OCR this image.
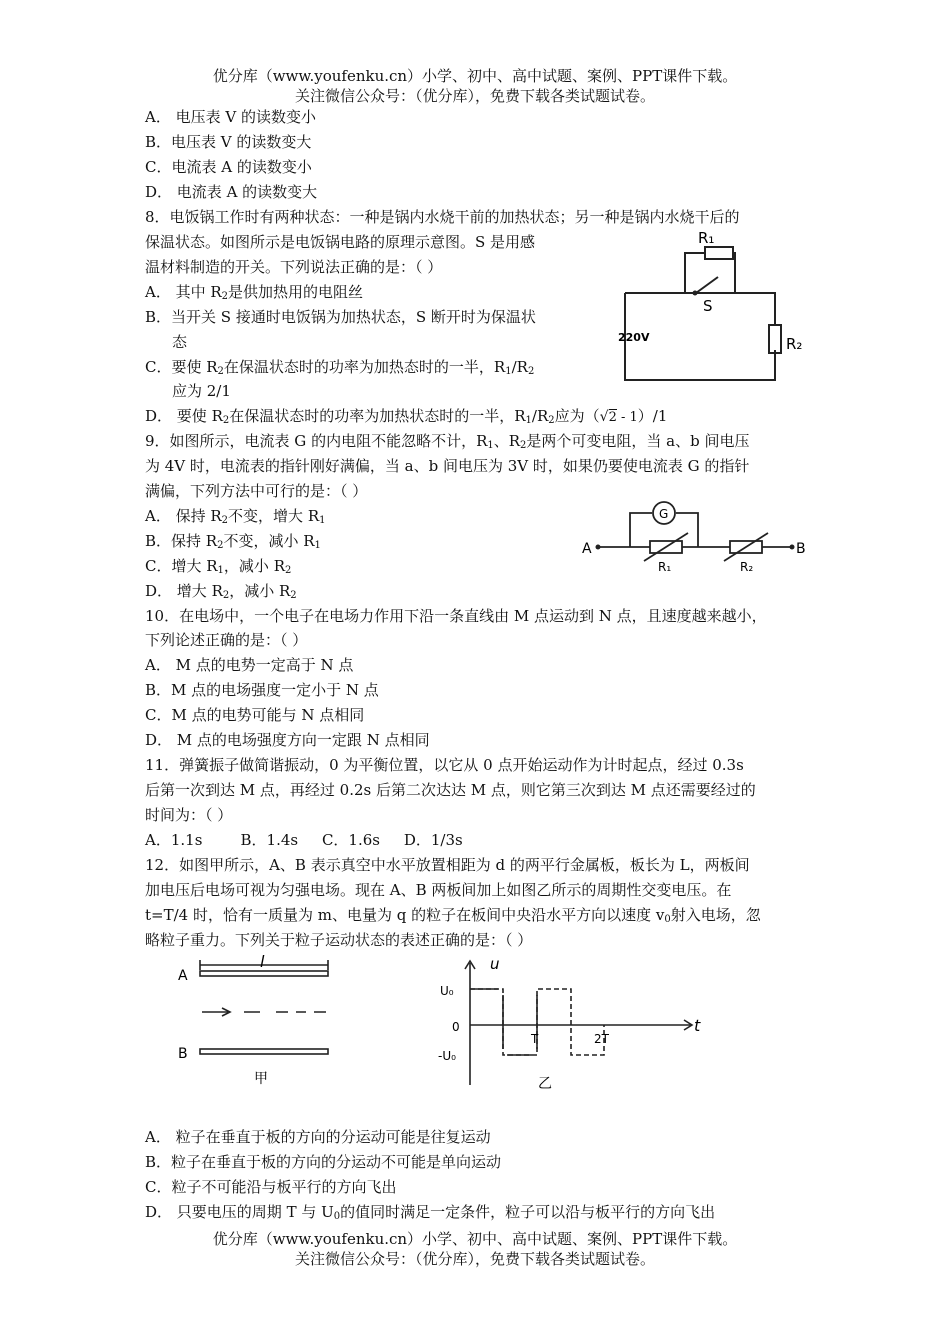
优分库（www.youfenku.cn）小学、初中、高中试题、案例、PPT课件下载。
关注微信公众号：（优分库），免费下载各类试题试卷。
A． 电压表 V 的读数变小
B．电压表 V 的读数变大
C．电流表 A 的读数变小
D． 电流表 A 的读数变大
8．电饭锅工作时有两种状态：一种是锅内水烧干前的加热状态；另一种是锅内水烧干后的
保温状态。如图所示是电饭锅电路的原理示意图。S 是用感
温材料制造的开关。下列说法正确的是：（ ）
A． 其中 $R_2$是供加热用的电阻丝
B．当开关 S 接通时电饭锅为加热状态，S 断开时为保温状
态
C．要使 $R_2$在保温状态时的功率为加热态时的一半，$R_1/R_2$
应为 2/1
D． 要使 $R_2$在保温状态时的功率为加热状态时的一半，$R_1/R_2$应为（√2 - 1）/1
R₁
S
220V	R₂
9．如图所示，电流表 G 的内电阻不能忽略不计，$R_1$、$R_2$是两个可变电阻，当 a、b 间电压
为 4V 时，电流表的指针刚好满偏，当 a、b 间电压为 3V 时，如果仍要使电流表 G 的指针
满偏，下列方法中可行的是：（ ）
A． 保持 $R_2$不变，增大 $R_1$
B．保持 $R_2$不变，减小 $R_1$
C．增大 $R_1$，减小 $R_2$
D． 增大 $R_2$，减小 $R_2$
A
G
R₁	R₂
B
10．在电场中，一个电子在电场力作用下沿一条直线由 M 点运动到 N 点，且速度越来越小，
下列论述正确的是：（ ）
A． M 点的电势一定高于 N 点
B．M 点的电场强度一定小于 N 点
C．M 点的电势可能与 N 点相同
D． M 点的电场强度方向一定跟 N 点相同
11．弹簧振子做简谐振动，0 为平衡位置，以它从 0 点开始运动作为计时起点，经过 0.3s
后第一次到达 M 点，再经过 0.2s 后第二次达达 M 点，则它第三次到达 M 点还需要经过的
时间为：（ ）
A．1.1s        B．1.4s     C．1.6s     D．1/3s
12．如图甲所示，A、B 表示真空中水平放置相距为 d 的两平行金属板，板长为 L，两板间
加电压后电场可视为匀强电场。现在 A、B 两板间加上如图乙所示的周期性交变电压。在
t=T/4 时，恰有一质量为 m、电量为 q 的粒子在板间中央沿水平方向以速度 $v_0$射入电场，忽
略粒子重力。下列关于粒子运动状态的表述正确的是：（ ）
A
l
B
甲
u
U₀
0
-U₀
T	2T
t
乙
A． 粒子在垂直于板的方向的分运动可能是往复运动
B．粒子在垂直于板的方向的分运动不可能是单向运动
C．粒子不可能沿与板平行的方向飞出
D． 只要电压的周期 T 与 $U_0$的值同时满足一定条件，粒子可以沿与板平行的方向飞出
优分库（www.youfenku.cn）小学、初中、高中试题、案例、PPT课件下载。
关注微信公众号：（优分库），免费下载各类试题试卷。
